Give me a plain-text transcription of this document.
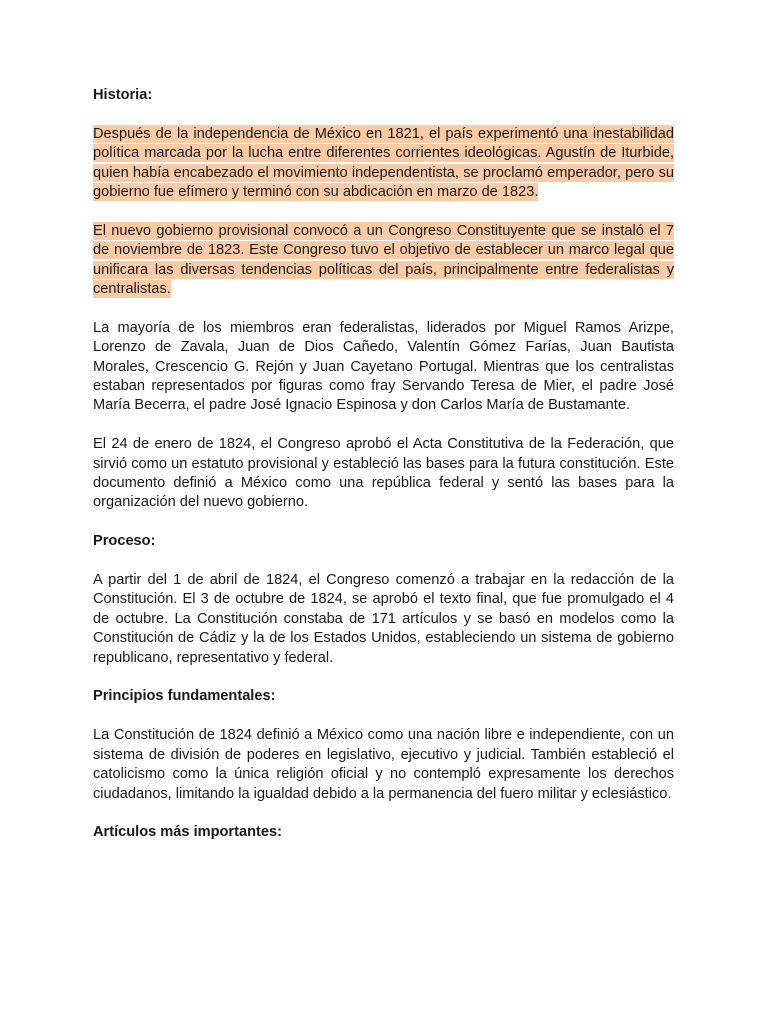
Historia:

Después de la independencia de México en 1821, el país experimentó una inestabilidad política marcada por la lucha entre diferentes corrientes ideológicas. Agustín de Iturbide, quien había encabezado el movimiento independentista, se proclamó emperador, pero su gobierno fue efímero y terminó con su abdicación en marzo de 1823.

El nuevo gobierno provisional convocó a un Congreso Constituyente que se instaló el 7 de noviembre de 1823. Este Congreso tuvo el objetivo de establecer un marco legal que unificara las diversas tendencias políticas del país, principalmente entre federalistas y centralistas.

La mayoría de los miembros eran federalistas, liderados por Miguel Ramos Arizpe, Lorenzo de Zavala, Juan de Dios Cañedo, Valentín Gómez Farías, Juan Bautista Morales, Crescencio G. Rejón y Juan Cayetano Portugal. Mientras que los centralistas estaban representados por figuras como fray Servando Teresa de Mier, el padre José María Becerra, el padre José Ignacio Espinosa y don Carlos María de Bustamante.

El 24 de enero de 1824, el Congreso aprobó el Acta Constitutiva de la Federación, que sirvió como un estatuto provisional y estableció las bases para la futura constitución. Este documento definió a México como una república federal y sentó las bases para la organización del nuevo gobierno.

Proceso:

A partir del 1 de abril de 1824, el Congreso comenzó a trabajar en la redacción de la Constitución. El 3 de octubre de 1824, se aprobó el texto final, que fue promulgado el 4 de octubre. La Constitución constaba de 171 artículos y se basó en modelos como la Constitución de Cádiz y la de los Estados Unidos, estableciendo un sistema de gobierno republicano, representativo y federal.

Principios fundamentales:

La Constitución de 1824 definió a México como una nación libre e independiente, con un sistema de división de poderes en legislativo, ejecutivo y judicial. También estableció el catolicismo como la única religión oficial y no contempló expresamente los derechos ciudadanos, limitando la igualdad debido a la permanencia del fuero militar y eclesiástico.

Artículos más importantes:
